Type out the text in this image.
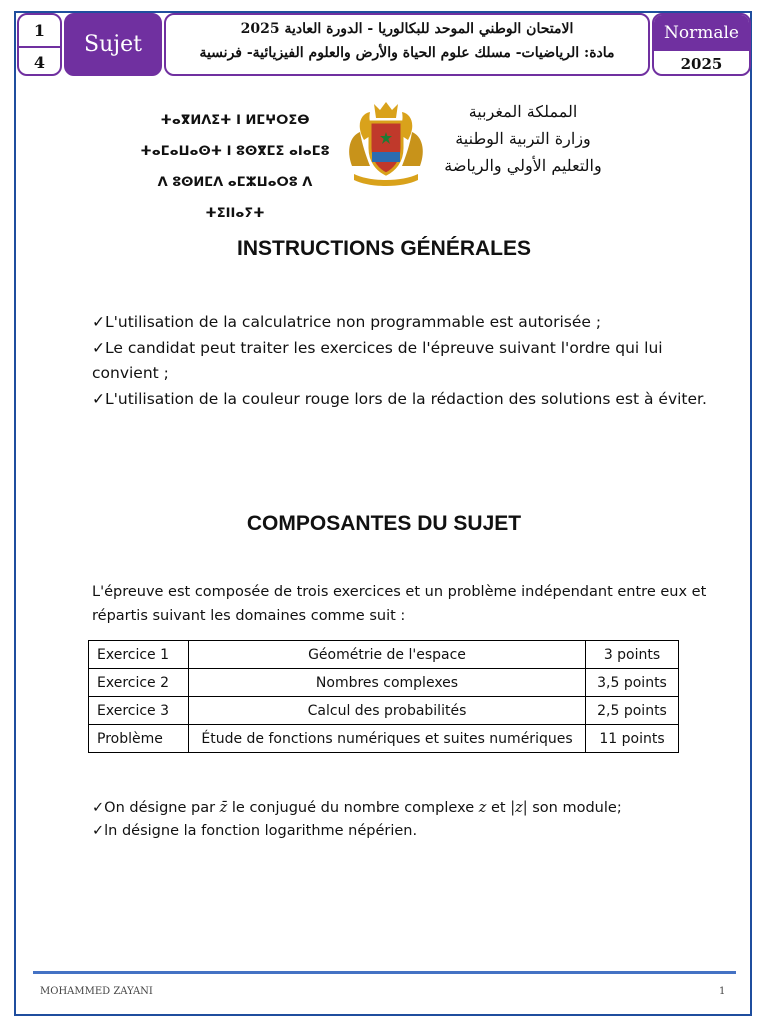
1
4
Sujet
الامتحان الوطني الموحد للبكالوريا - الدورة العادية 2025
مادة: الرياضيات- مسلك علوم الحياة والأرض والعلوم الفيزيائية- فرنسية
Normale
2025
ⵜⴰⴳⵍⴷⵉⵜ ⵏ ⵍⵎⵖⵔⵉⴱ
ⵜⴰⵎⴰⵡⴰⵙⵜ ⵏ ⵓⵙⴳⵎⵉ ⴰⵏⴰⵎⵓ
ⴷ ⵓⵙⵍⵎⴷ ⴰⵎⵣⵡⴰⵔⵓ ⴷ ⵜⵉⵏⵏⴰⵢⵜ
المملكة المغربية
وزارة التربية الوطنية
والتعليم الأولي والرياضة
INSTRUCTIONS GÉNÉRALES

✓L'utilisation de la calculatrice non programmable est autorisée ;

✓Le candidat peut traiter les exercices de l'épreuve suivant l'ordre qui lui convient ;

✓L'utilisation de la couleur rouge lors de la rédaction des solutions est à éviter.

COMPOSANTES DU SUJET
L'épreuve est composée de trois exercices et un problème indépendant entre eux et répartis suivant les domaines comme suit :
Exercice 1	Géométrie de l'espace	3 points
Exercice 2	Nombres complexes	3,5 points
Exercice 3	Calcul des probabilités	2,5 points
Problème	Étude de fonctions numériques et suites numériques	11 points

✓On désigne par z̄ le conjugué du nombre complexe z et |z| son module;

✓ln désigne la fonction logarithme népérien.

MOHAMMED ZAYANI	1
